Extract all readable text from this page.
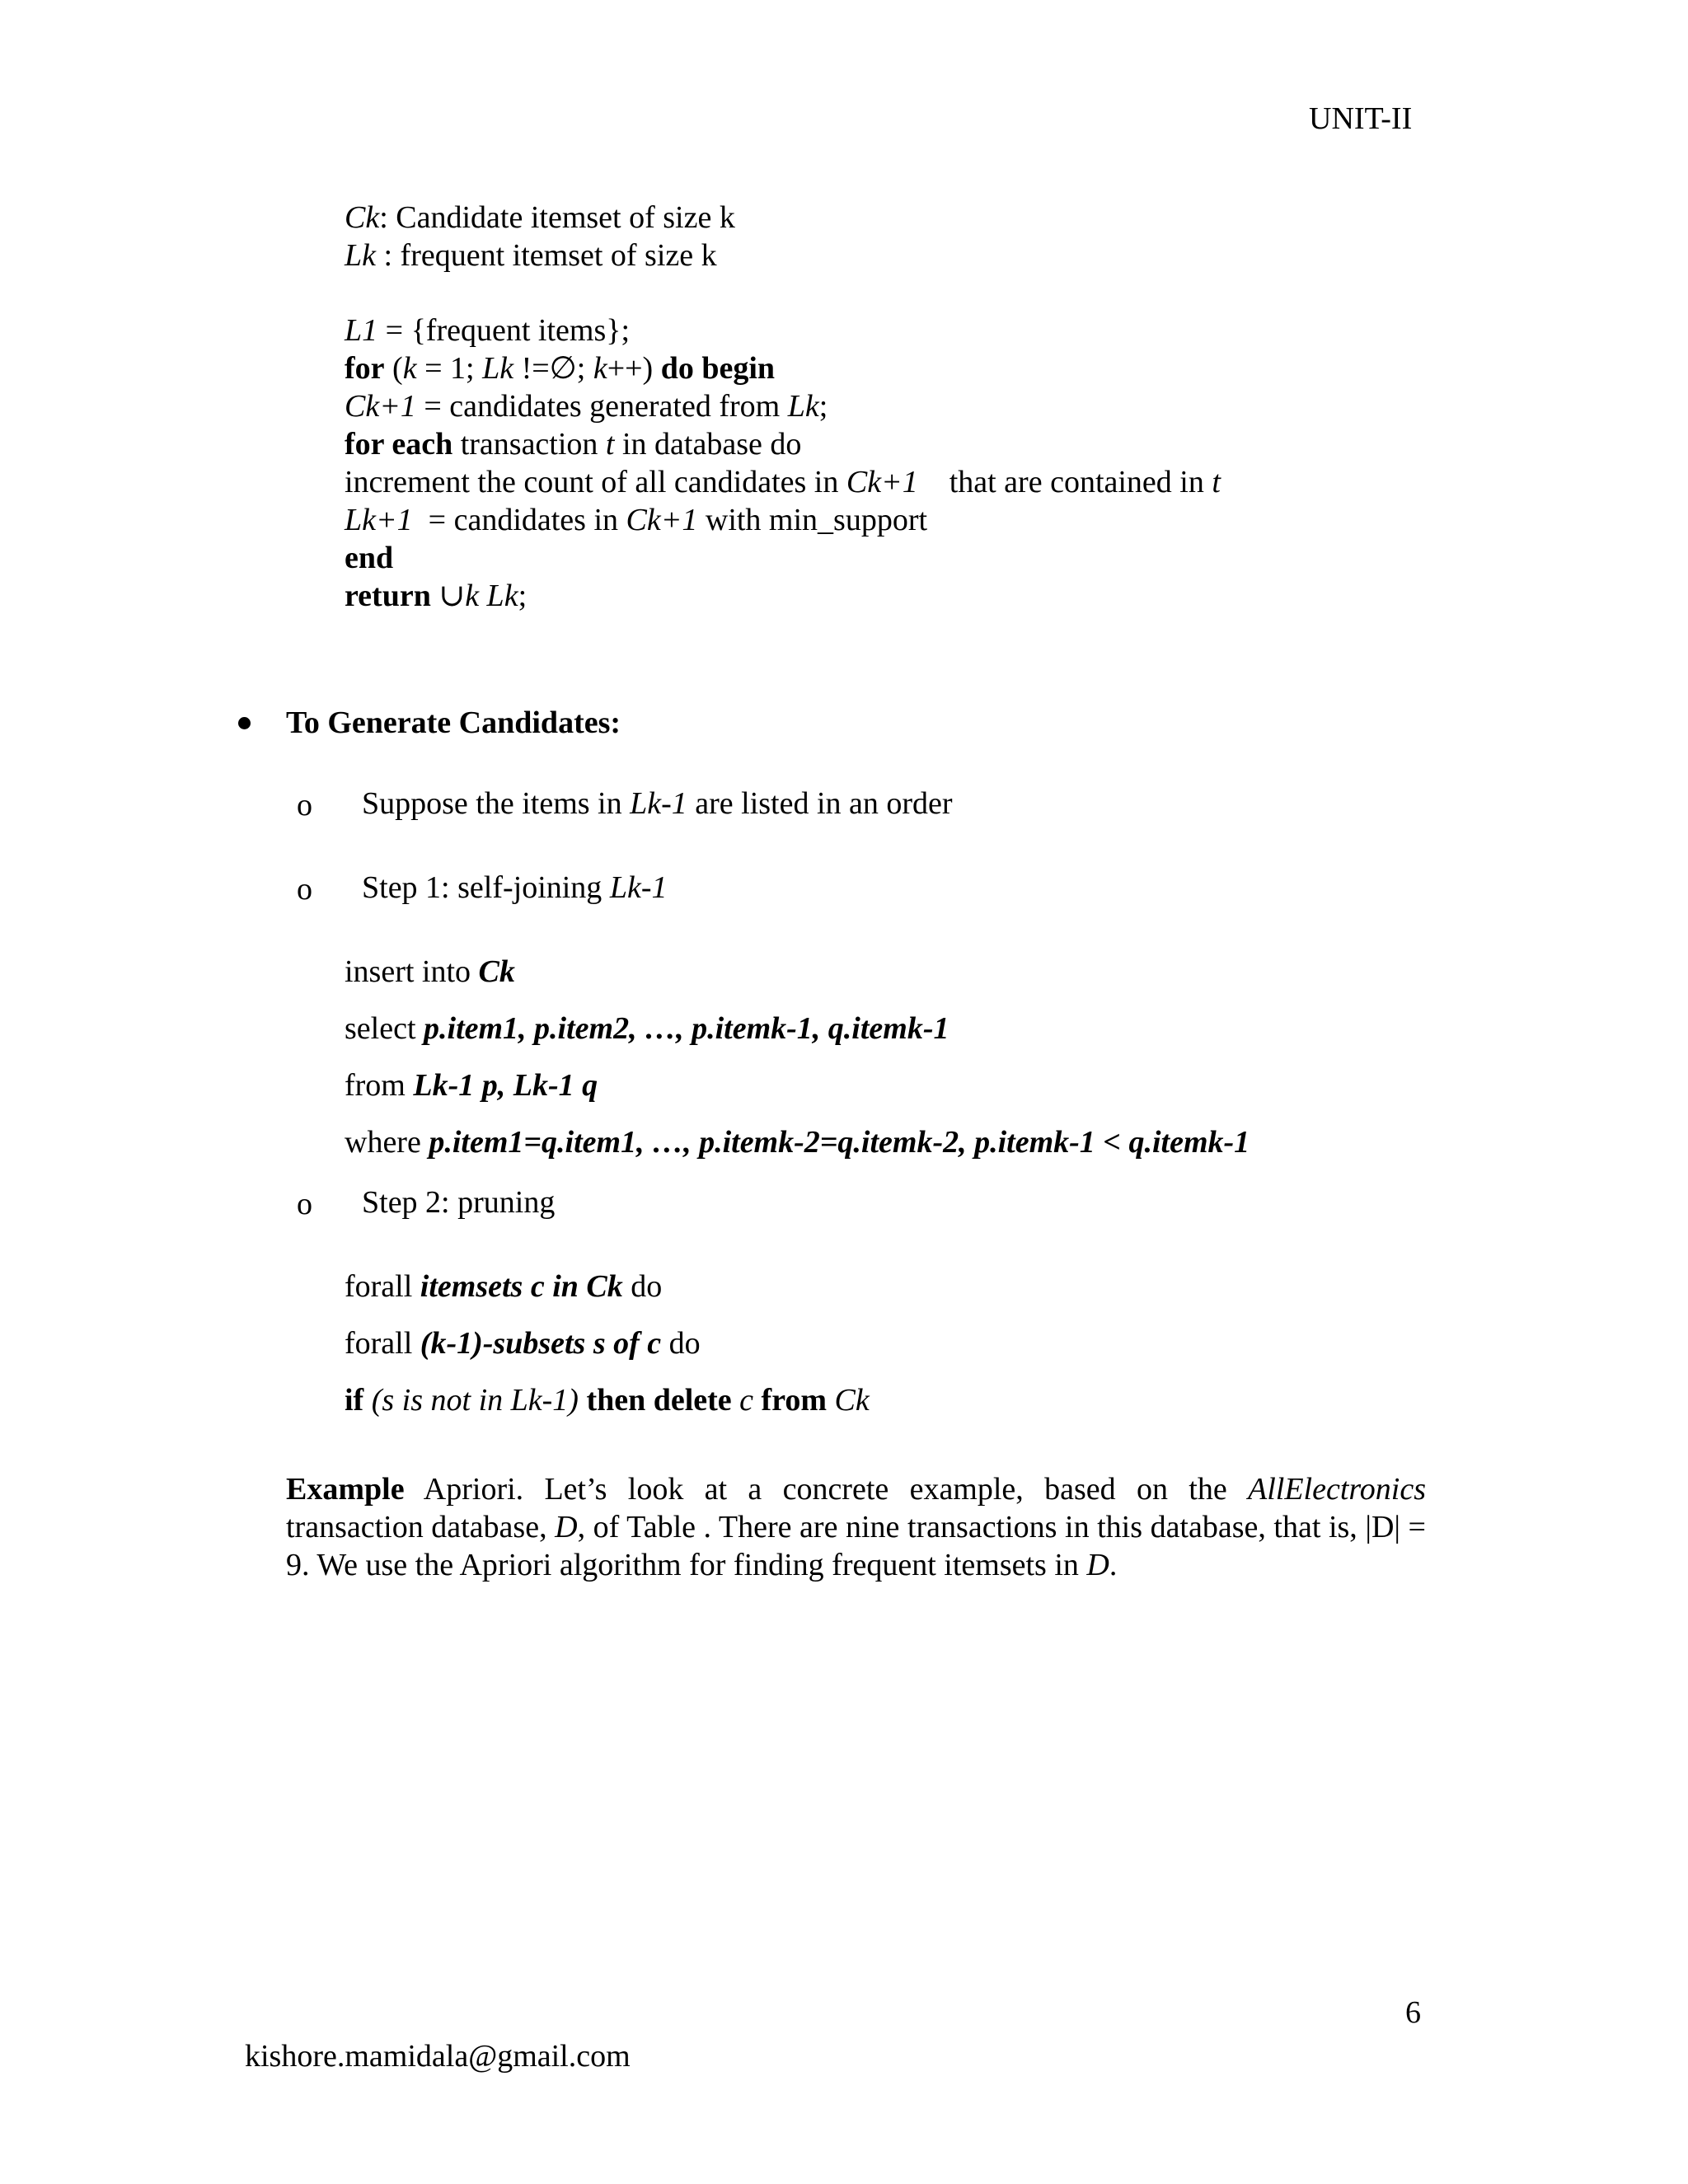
UNIT-II
Ck: Candidate itemset of size k
Lk : frequent itemset of size k
L1 = {frequent items};
for (k = 1; Lk !=∅; k++) do begin
Ck+1 = candidates generated from Lk;
for each transaction t in database do
increment the count of all candidates in Ck+1    that are contained in t
Lk+1  = candidates in Ck+1 with min_support
end
return ∪k Lk;
To Generate Candidates:
o Suppose the items in Lk-1 are listed in an order
o Step 1: self-joining Lk-1
insert into Ck
select p.item1, p.item2, …, p.itemk-1, q.itemk-1
from Lk-1 p, Lk-1 q
where p.item1=q.item1, …, p.itemk-2=q.itemk-2, p.itemk-1 < q.itemk-1
o Step 2: pruning
forall itemsets c in Ck do
forall (k-1)-subsets s of c do
if (s is not in Lk-1) then delete c from Ck
Example Apriori. Let’s look at a concrete example, based on the AllElectronics transaction database, D, of Table . There are nine transactions in this database, that is, |D| = 9. We use the Apriori algorithm for finding frequent itemsets in D.
6
kishore.mamidala@gmail.com
